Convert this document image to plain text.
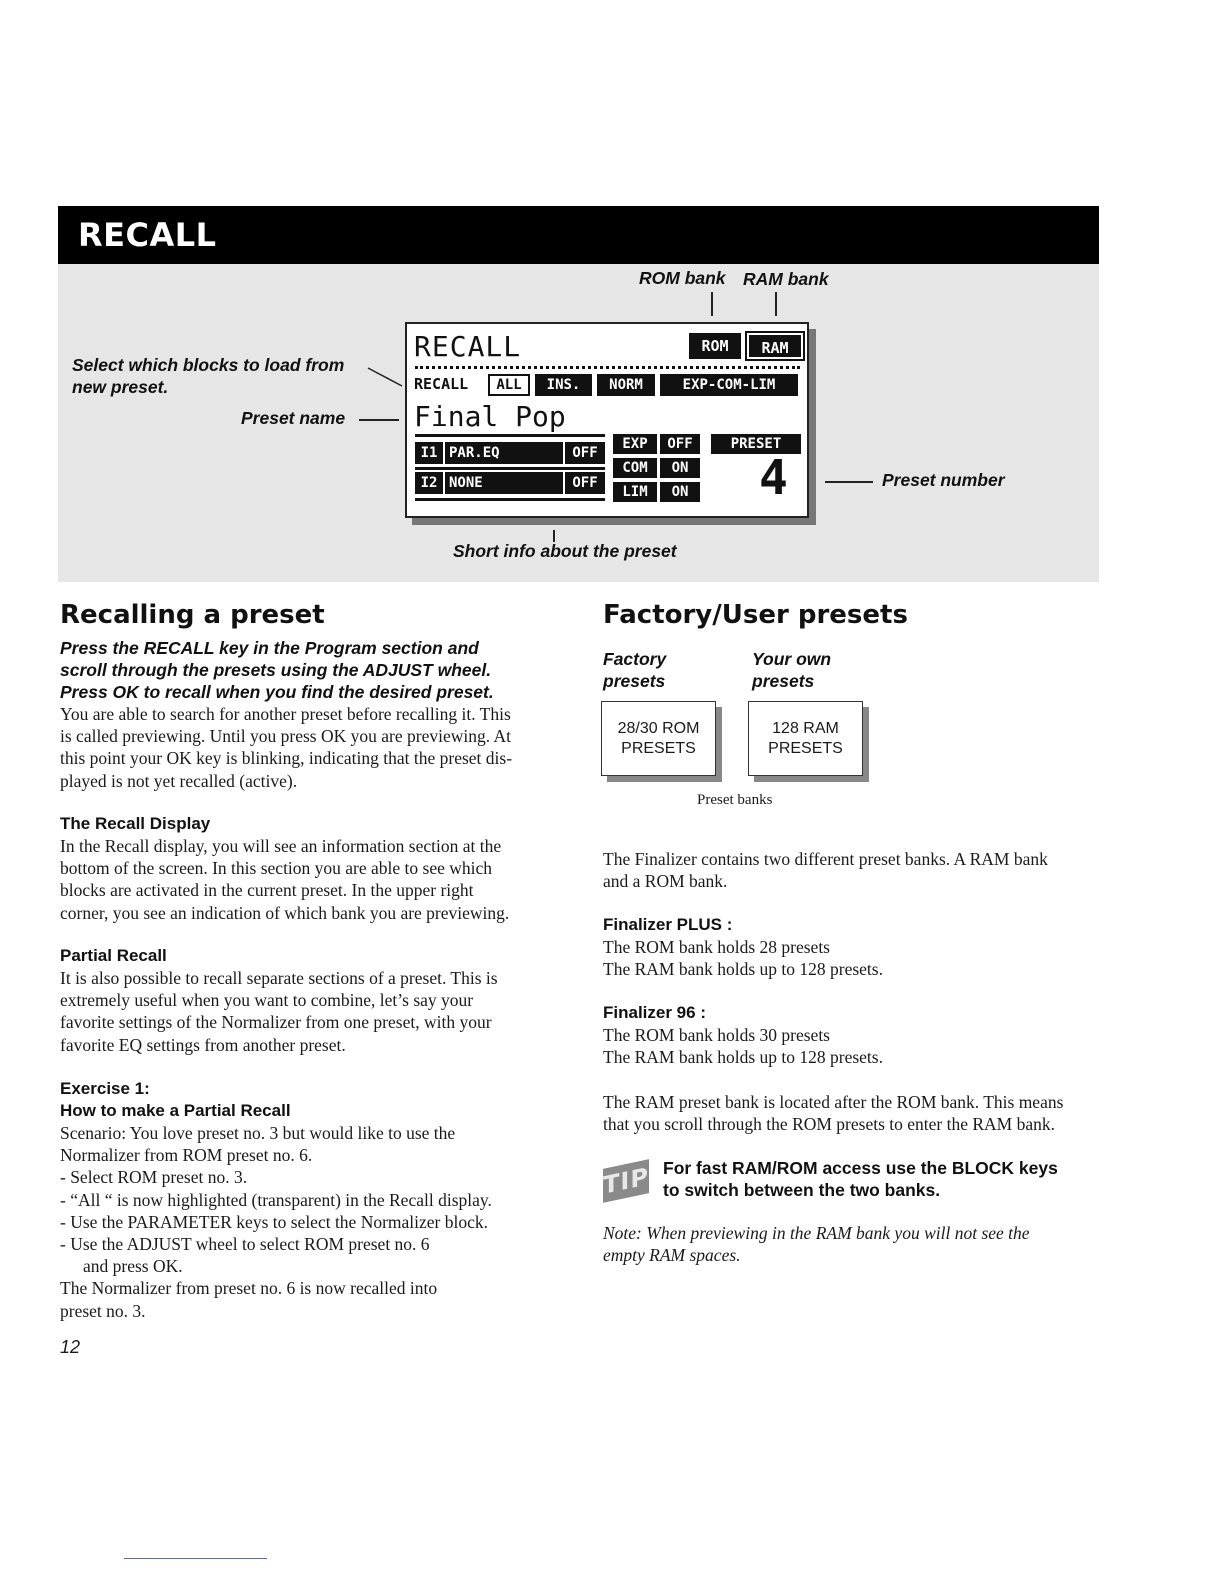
RECALL
ROM bank RAM bank
Select which blocks to load from
new preset.
Preset name
Preset number
Short info about the preset
RECALL	ROM	RAM
RECALL	ALL	INS.	NORM	EXP-COM-LIM
Final Pop
I1 PAR.EQ	OFF
I2 NONE	OFF
EXP	OFF
COM	ON
LIM	ON
PRESET
4
Recalling a preset
Press the RECALL key in the Program section and
scroll through the presets using the ADJUST wheel.
Press OK to recall when you find the desired preset.
You are able to search for another preset before recalling it. This
is called previewing. Until you press OK you are previewing. At
this point your OK key is blinking, indicating that the preset dis-
played is not yet recalled (active).
The Recall Display
In the Recall display, you will see an information section at the
bottom of the screen. In this section you are able to see which
blocks are activated in the current preset. In the upper right
corner, you see an indication of which bank you are previewing.
Partial Recall
It is also possible to recall separate sections of a preset. This is
extremely useful when you want to combine, let’s say your
favorite settings of the Normalizer from one preset, with your
favorite EQ settings from another preset.
Exercise 1:
How to make a Partial Recall
Scenario: You love preset no. 3 but would like to use the
Normalizer from ROM preset no. 6.
- Select ROM preset no. 3.
- “All “ is now highlighted (transparent) in the Recall display.
- Use the PARAMETER keys to select the Normalizer block.
- Use the ADJUST wheel to select ROM preset no. 6
and press OK.
The Normalizer from preset no. 6 is now recalled into
preset no. 3.
12
Factory/User presets
Factory
presets
Your own
presets
28/30 ROM
PRESETS
128 RAM
PRESETS
Preset banks
The Finalizer contains two different preset banks. A RAM bank
and a ROM bank.
Finalizer PLUS :
The ROM bank holds 28 presets
The RAM bank holds up to 128 presets.
Finalizer 96 :
The ROM bank holds 30 presets
The RAM bank holds up to 128 presets.
The RAM preset bank is located after the ROM bank. This means
that you scroll through the ROM presets to enter the RAM bank.
TIP For fast RAM/ROM access use the BLOCK keys
to switch between the two banks.
Note: When previewing in the RAM bank you will not see the
empty RAM spaces.
